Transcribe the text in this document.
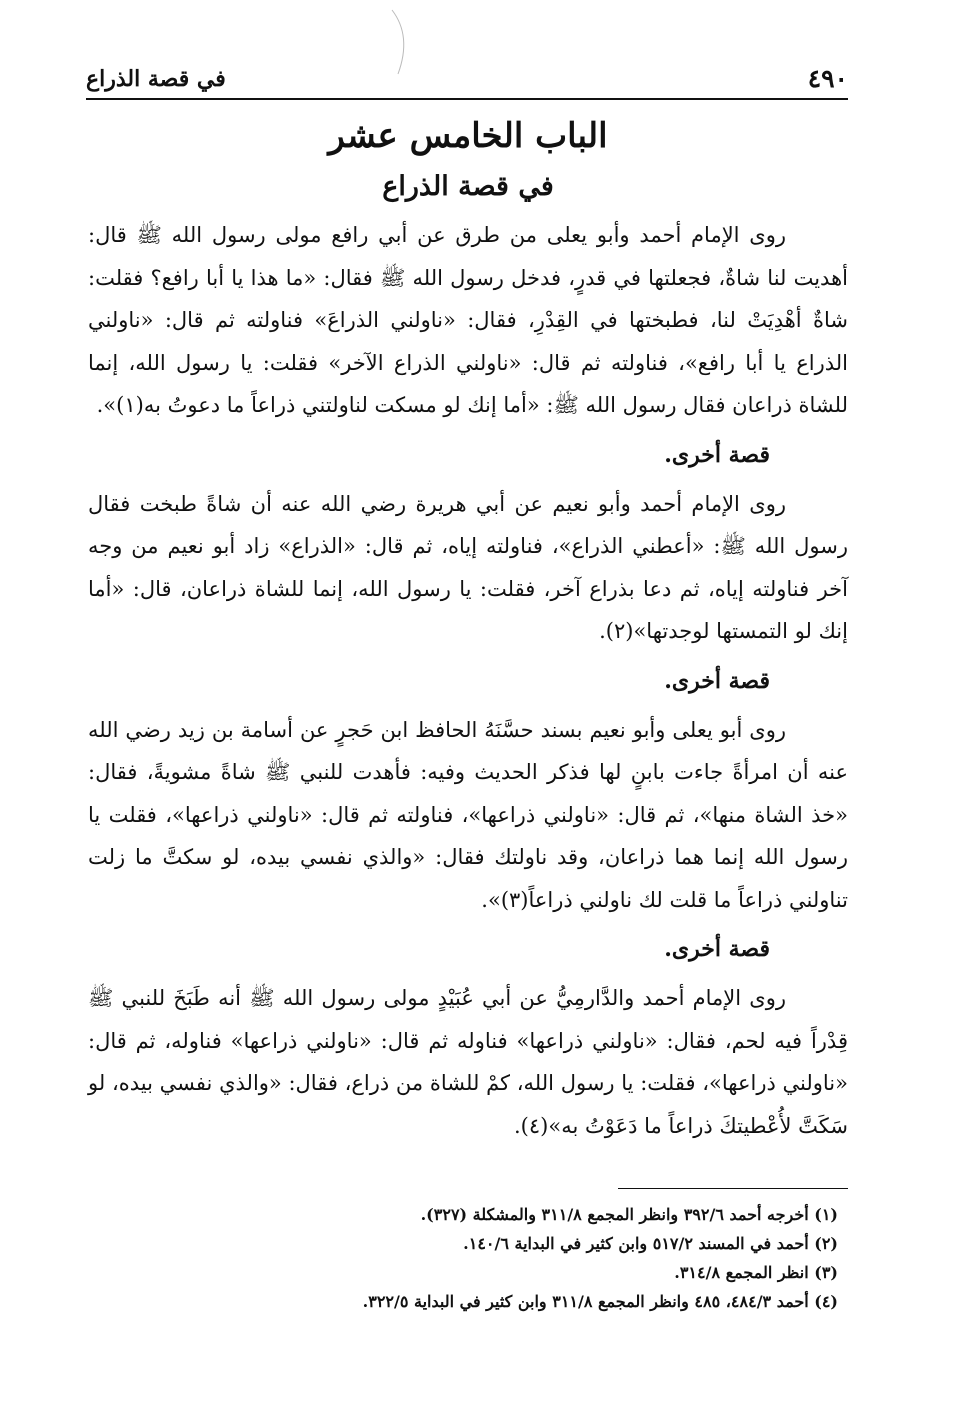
٤٩٠
في قصة الذراع
الباب الخامس عشر
في قصة الذراع

روى الإمام أحمد وأبو يعلى من طرق عن أبي رافع مولى رسول الله ﷺ قال: أهديت لنا شاةٌ، فجعلتها في قدرٍ، فدخل رسول الله ﷺ فقال: «ما هذا يا أبا رافع؟ فقلت: شاةٌ أهْدِيَتْ لنا، فطبختها في القِدْرِ، فقال: «ناولني الذراعَ» فناولته ثم قال: «ناولني الذراع يا أبا رافع»، فناولته ثم قال: «ناولني الذراع الآخر» فقلت: يا رسول الله، إنما للشاة ذراعان فقال رسول الله ﷺ: «أما إنك لو مسكت لناولتني ذراعاً ما دعوتُ به(١)».

قصة أخرى.

روى الإمام أحمد وأبو نعيم عن أبي هريرة رضي الله عنه أن شاةً طبخت فقال رسول الله ﷺ: «أعطني الذراع»، فناولته إياه، ثم قال: «الذراع» زاد أبو نعيم من وجه آخر فناولته إياه، ثم دعا بذراع آخر، فقلت: يا رسول الله، إنما للشاة ذراعان، قال: «أما إنك لو التمستها لوجدتها»(٢).

قصة أخرى.

روى أبو يعلى وأبو نعيم بسند حسَّنَهُ الحافظ ابن حَجرٍ عن أسامة بن زيد رضي الله عنه أن امرأةً جاءت بابنٍ لها فذكر الحديث وفيه: فأهدت للنبي ﷺ شاةً مشويةً، فقال: «خذ الشاة منها»، ثم قال: «ناولني ذراعها»، فناولته ثم قال: «ناولني ذراعها»، فقلت يا رسول الله إنما هما ذراعان، وقد ناولتك فقال: «والذي نفسي بيده، لو سكتَّ ما زلت تناولني ذراعاً ما قلت لك ناولني ذراعاً(٣)».

قصة أخرى.

روى الإمام أحمد والدَّارمِيُّ عن أبي عُبَيْدٍ مولى رسول الله ﷺ أنه طَبَخَ للنبي ﷺ قِدْراً فيه لحم، فقال: «ناولني ذراعها» فناوله ثم قال: «ناولني ذراعها» فناوله، ثم قال: «ناولني ذراعها»، فقلت: يا رسول الله، كمْ للشاة من ذراع، فقال: «والذي نفسي بيده، لو سَكَتَّ لأُعْطيتكَ ذراعاً ما دَعَوْتُ به»(٤).

(١) أخرجه أحمد ٣٩٢/٦ وانظر المجمع ٣١١/٨ والمشكلة (٣٢٧).

(٢) أحمد في المسند ٥١٧/٢ وابن كثير في البداية ١٤٠/٦.

(٣) انظر المجمع ٣١٤/٨.

(٤) أحمد ٤٨٤/٣، ٤٨٥ وانظر المجمع ٣١١/٨ وابن كثير في البداية ٣٢٢/٥.
